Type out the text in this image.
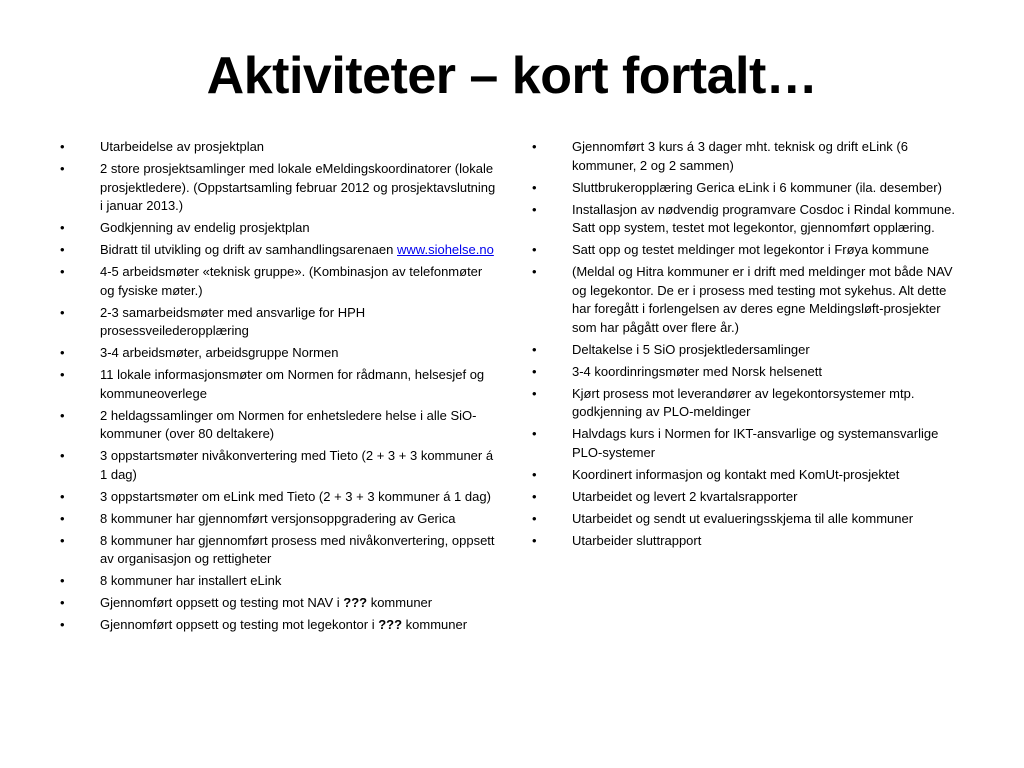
Aktiviteter – kort fortalt…
•	Utarbeidelse av prosjektplan
•	2 store prosjektsamlinger med lokale eMeldingskoordinatorer (lokale prosjektledere). (Oppstartsamling februar 2012 og prosjektavslutning i januar 2013.)
•	Godkjenning av endelig prosjektplan
•	Bidratt til utvikling og drift av samhandlingsarenaen www.siohelse.no
•	4-5 arbeidsmøter «teknisk gruppe». (Kombinasjon av telefonmøter og fysiske møter.)
•	2-3 samarbeidsmøter med ansvarlige for HPH prosessveilederopplæring
•	3-4 arbeidsmøter, arbeidsgruppe Normen
•	11 lokale informasjonsmøter om Normen for rådmann, helsesjef og kommuneoverlege
•	2 heldagssamlinger om Normen for enhetsledere helse i alle SiO-kommuner (over 80 deltakere)
•	3 oppstartsmøter nivåkonvertering med Tieto (2 + 3 + 3 kommuner á 1 dag)
•	3 oppstartsmøter om eLink med Tieto (2 + 3 + 3 kommuner á 1 dag)
•	8 kommuner har gjennomført versjonsoppgradering av Gerica
•	8 kommuner har gjennomført prosess med nivåkonvertering, oppsett av organisasjon og rettigheter
•	8 kommuner har installert eLink
•	Gjennomført oppsett og testing mot NAV i ??? kommuner
•	Gjennomført oppsett og testing mot legekontor i ??? kommuner
•	Gjennomført 3 kurs á 3 dager mht. teknisk og drift eLink (6 kommuner, 2 og 2 sammen)
•	Sluttbrukeropplæring Gerica eLink i 6 kommuner (ila. desember)
•	Installasjon av nødvendig programvare Cosdoc i Rindal kommune. Satt opp system, testet mot legekontor, gjennomført opplæring.
•	Satt opp og testet meldinger mot legekontor i Frøya kommune
•	(Meldal og Hitra kommuner er i drift med meldinger mot både NAV og legekontor. De er i prosess med testing mot sykehus. Alt dette har foregått i forlengelsen av deres egne Meldingsløft-prosjekter som har pågått over flere år.)
•	Deltakelse i 5 SiO prosjektledersamlinger
•	3-4 koordinringsmøter med Norsk helsenett
•	Kjørt prosess mot leverandører av legekontorsystemer mtp. godkjenning av PLO-meldinger
•	Halvdags kurs i Normen for IKT-ansvarlige og systemansvarlige PLO-systemer
•	Koordinert informasjon og kontakt med KomUt-prosjektet
•	Utarbeidet og levert 2 kvartalsrapporter
•	Utarbeidet og sendt ut evalueringsskjema til alle kommuner
•	Utarbeider sluttrapport
